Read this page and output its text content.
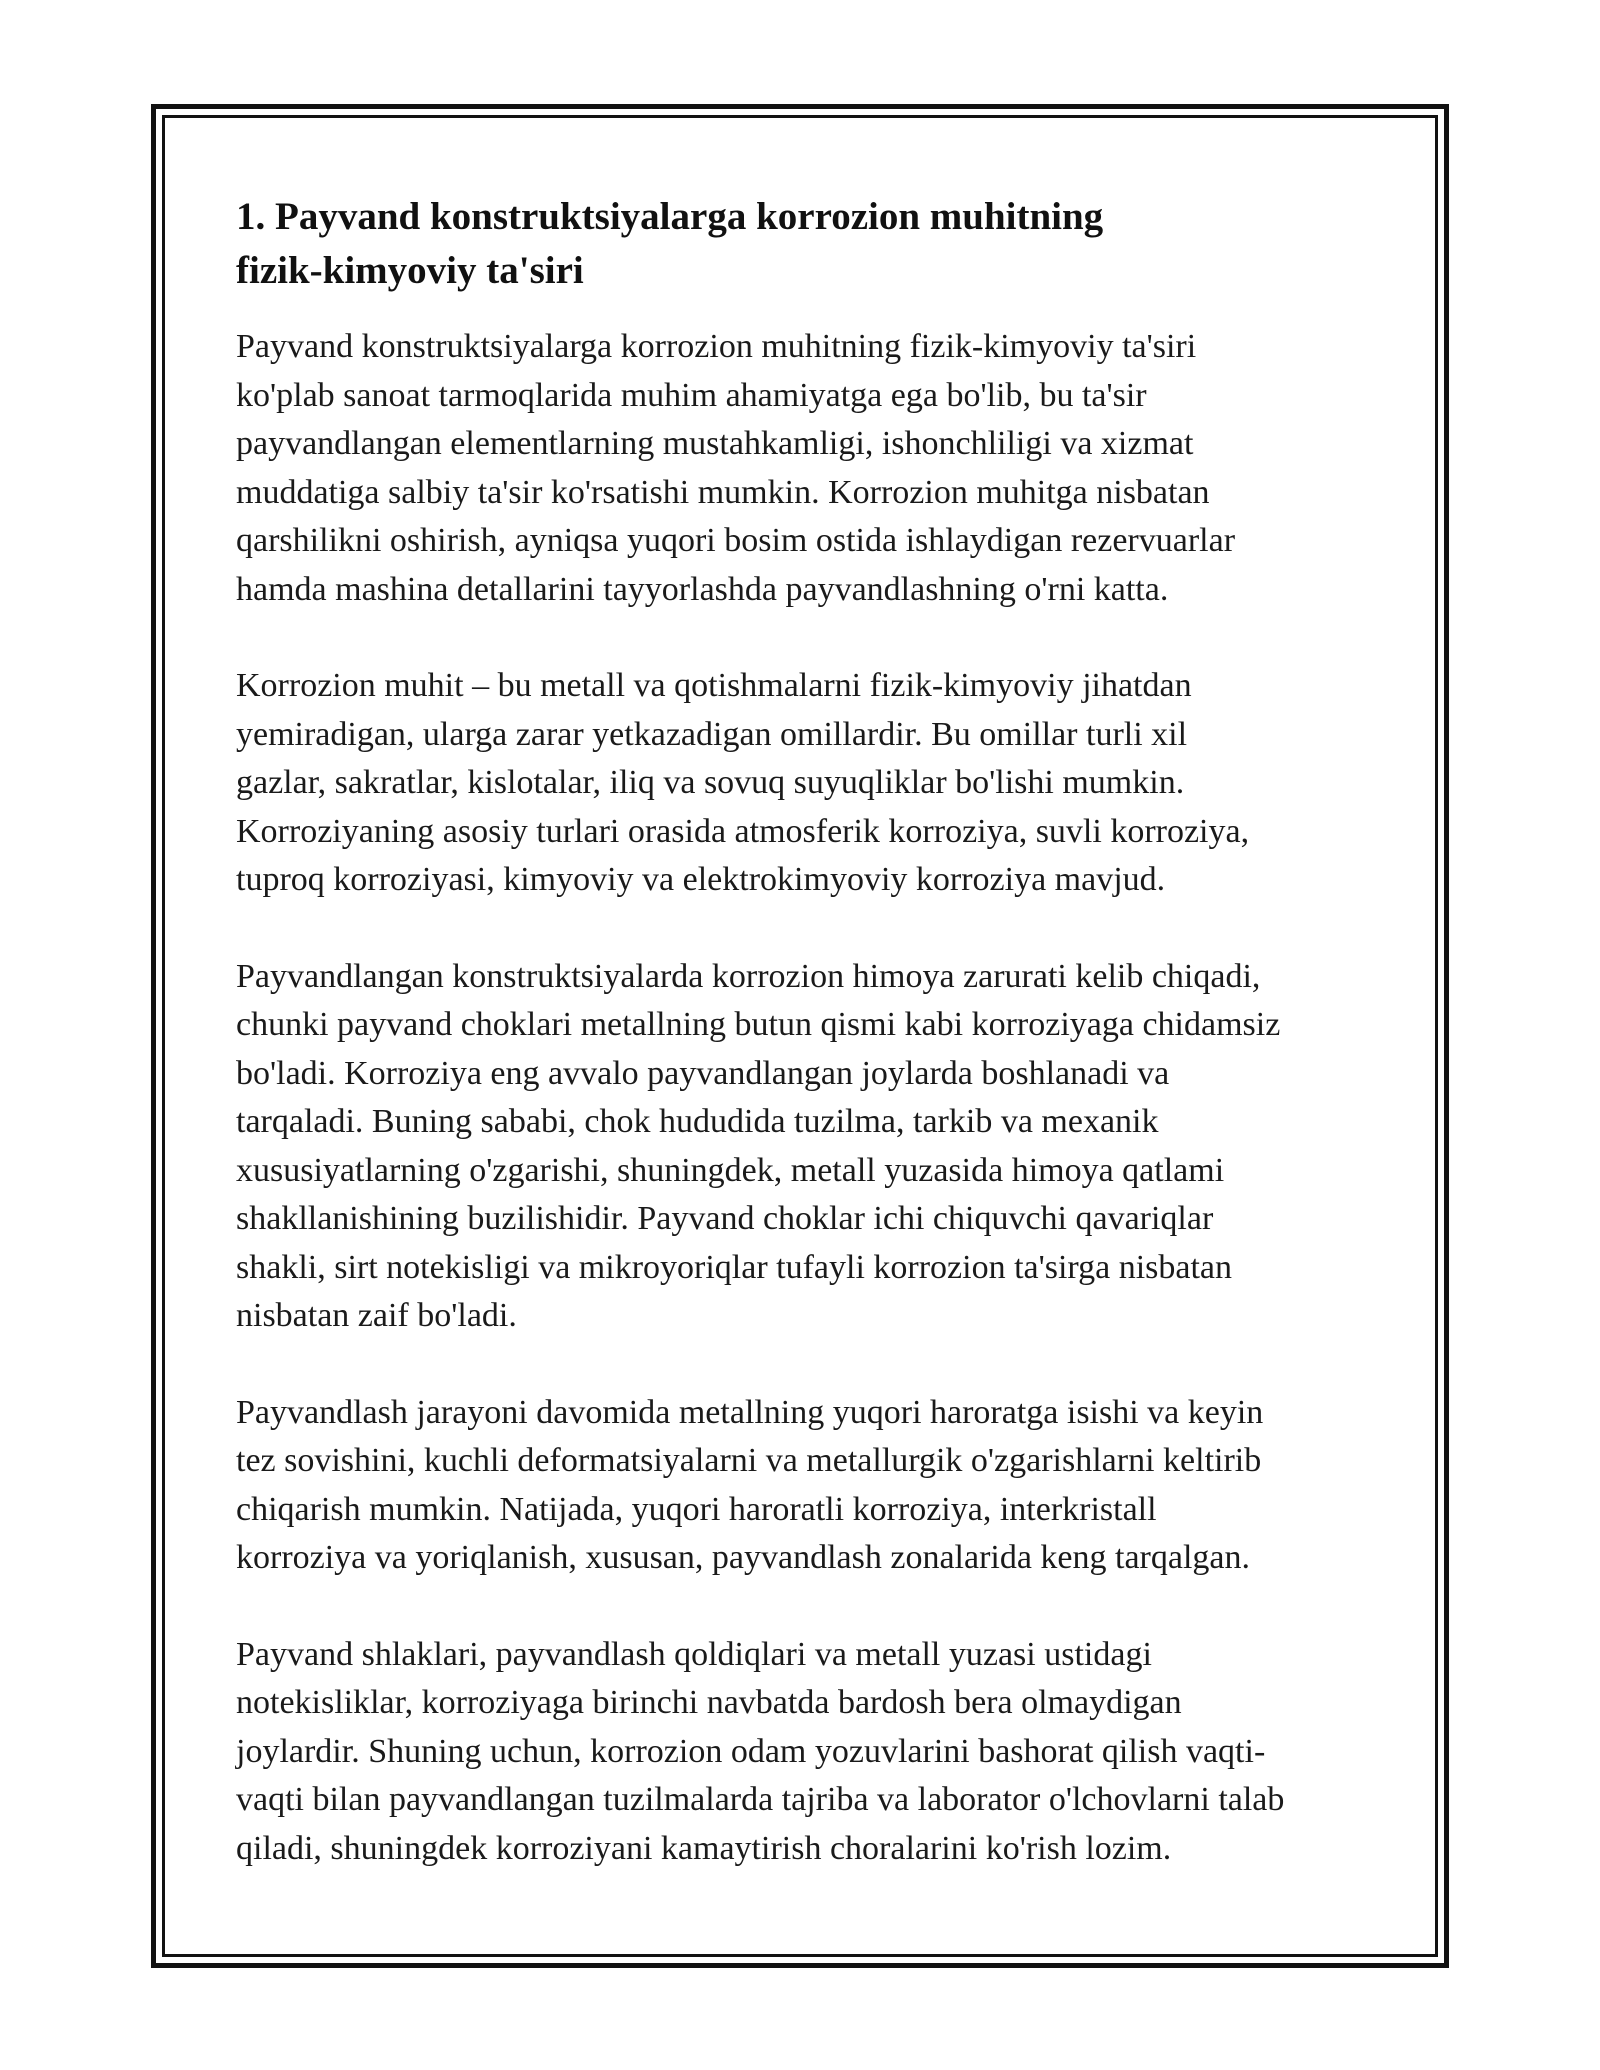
1. Payvand konstruktsiyalarga korrozion muhitning
fizik-kimyoviy ta'siri

Payvand konstruktsiyalarga korrozion muhitning fizik-kimyoviy ta'siri
ko'plab sanoat tarmoqlarida muhim ahamiyatga ega bo'lib, bu ta'sir
payvandlangan elementlarning mustahkamligi, ishonchliligi va xizmat
muddatiga salbiy ta'sir ko'rsatishi mumkin. Korrozion muhitga nisbatan
qarshilikni oshirish, ayniqsa yuqori bosim ostida ishlaydigan rezervuarlar
hamda mashina detallarini tayyorlashda payvandlashning o'rni katta.

Korrozion muhit – bu metall va qotishmalarni fizik-kimyoviy jihatdan
yemiradigan, ularga zarar yetkazadigan omillardir. Bu omillar turli xil
gazlar, sakratlar, kislotalar, iliq va sovuq suyuqliklar bo'lishi mumkin.
Korroziyaning asosiy turlari orasida atmosferik korroziya, suvli korroziya,
tuproq korroziyasi, kimyoviy va elektrokimyoviy korroziya mavjud.

Payvandlangan konstruktsiyalarda korrozion himoya zarurati kelib chiqadi,
chunki payvand choklari metallning butun qismi kabi korroziyaga chidamsiz
bo'ladi. Korroziya eng avvalo payvandlangan joylarda boshlanadi va
tarqaladi. Buning sababi, chok hududida tuzilma, tarkib va mexanik
xususiyatlarning o'zgarishi, shuningdek, metall yuzasida himoya qatlami
shakllanishining buzilishidir. Payvand choklar ichi chiquvchi qavariqlar
shakli, sirt notekisligi va mikroyoriqlar tufayli korrozion ta'sirga nisbatan
nisbatan zaif bo'ladi.

Payvandlash jarayoni davomida metallning yuqori haroratga isishi va keyin
tez sovishini, kuchli deformatsiyalarni va metallurgik o'zgarishlarni keltirib
chiqarish mumkin. Natijada, yuqori haroratli korroziya, interkristall
korroziya va yoriqlanish, xususan, payvandlash zonalarida keng tarqalgan.

Payvand shlaklari, payvandlash qoldiqlari va metall yuzasi ustidagi
notekisliklar, korroziyaga birinchi navbatda bardosh bera olmaydigan
joylardir. Shuning uchun, korrozion odam yozuvlarini bashorat qilish vaqti-
vaqti bilan payvandlangan tuzilmalarda tajriba va laborator o'lchovlarni talab
qiladi, shuningdek korroziyani kamaytirish choralarini ko'rish lozim.
